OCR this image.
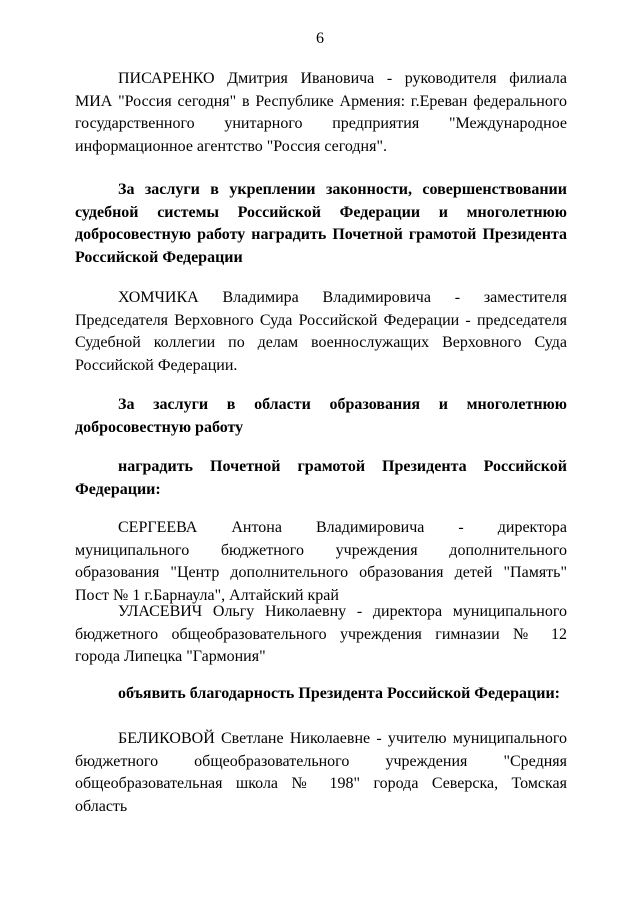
6
ПИСАРЕНКО Дмитрия Ивановича - руководителя филиала
МИА "Россия сегодня" в Республике Армения: г.Ереван федерального
государственного унитарного предприятия "Международное
информационное агентство "Россия сегодня".
За заслуги в укреплении законности, совершенствовании
судебной системы Российской Федерации и многолетнюю
добросовестную работу наградить Почетной грамотой Президента
Российской Федерации
ХОМЧИКА Владимира Владимировича - заместителя
Председателя Верховного Суда Российской Федерации - председателя
Судебной коллегии по делам военнослужащих Верховного Суда
Российской Федерации.
За заслуги в области образования и многолетнюю
добросовестную работу
наградить Почетной грамотой Президента Российской
Федерации:
СЕРГЕЕВА Антона Владимировича - директора
муниципального бюджетного учреждения дополнительного
образования "Центр дополнительного образования детей "Память"
Пост № 1 г.Барнаула", Алтайский край
УЛАСЕВИЧ Ольгу Николаевну - директора муниципального
бюджетного общеобразовательного учреждения гимназии № 12
города Липецка "Гармония"
объявить благодарность Президента Российской Федерации:
БЕЛИКОВОЙ Светлане Николаевне - учителю муниципального
бюджетного общеобразовательного учреждения "Средняя
общеобразовательная школа № 198" города Северска, Томская
область
